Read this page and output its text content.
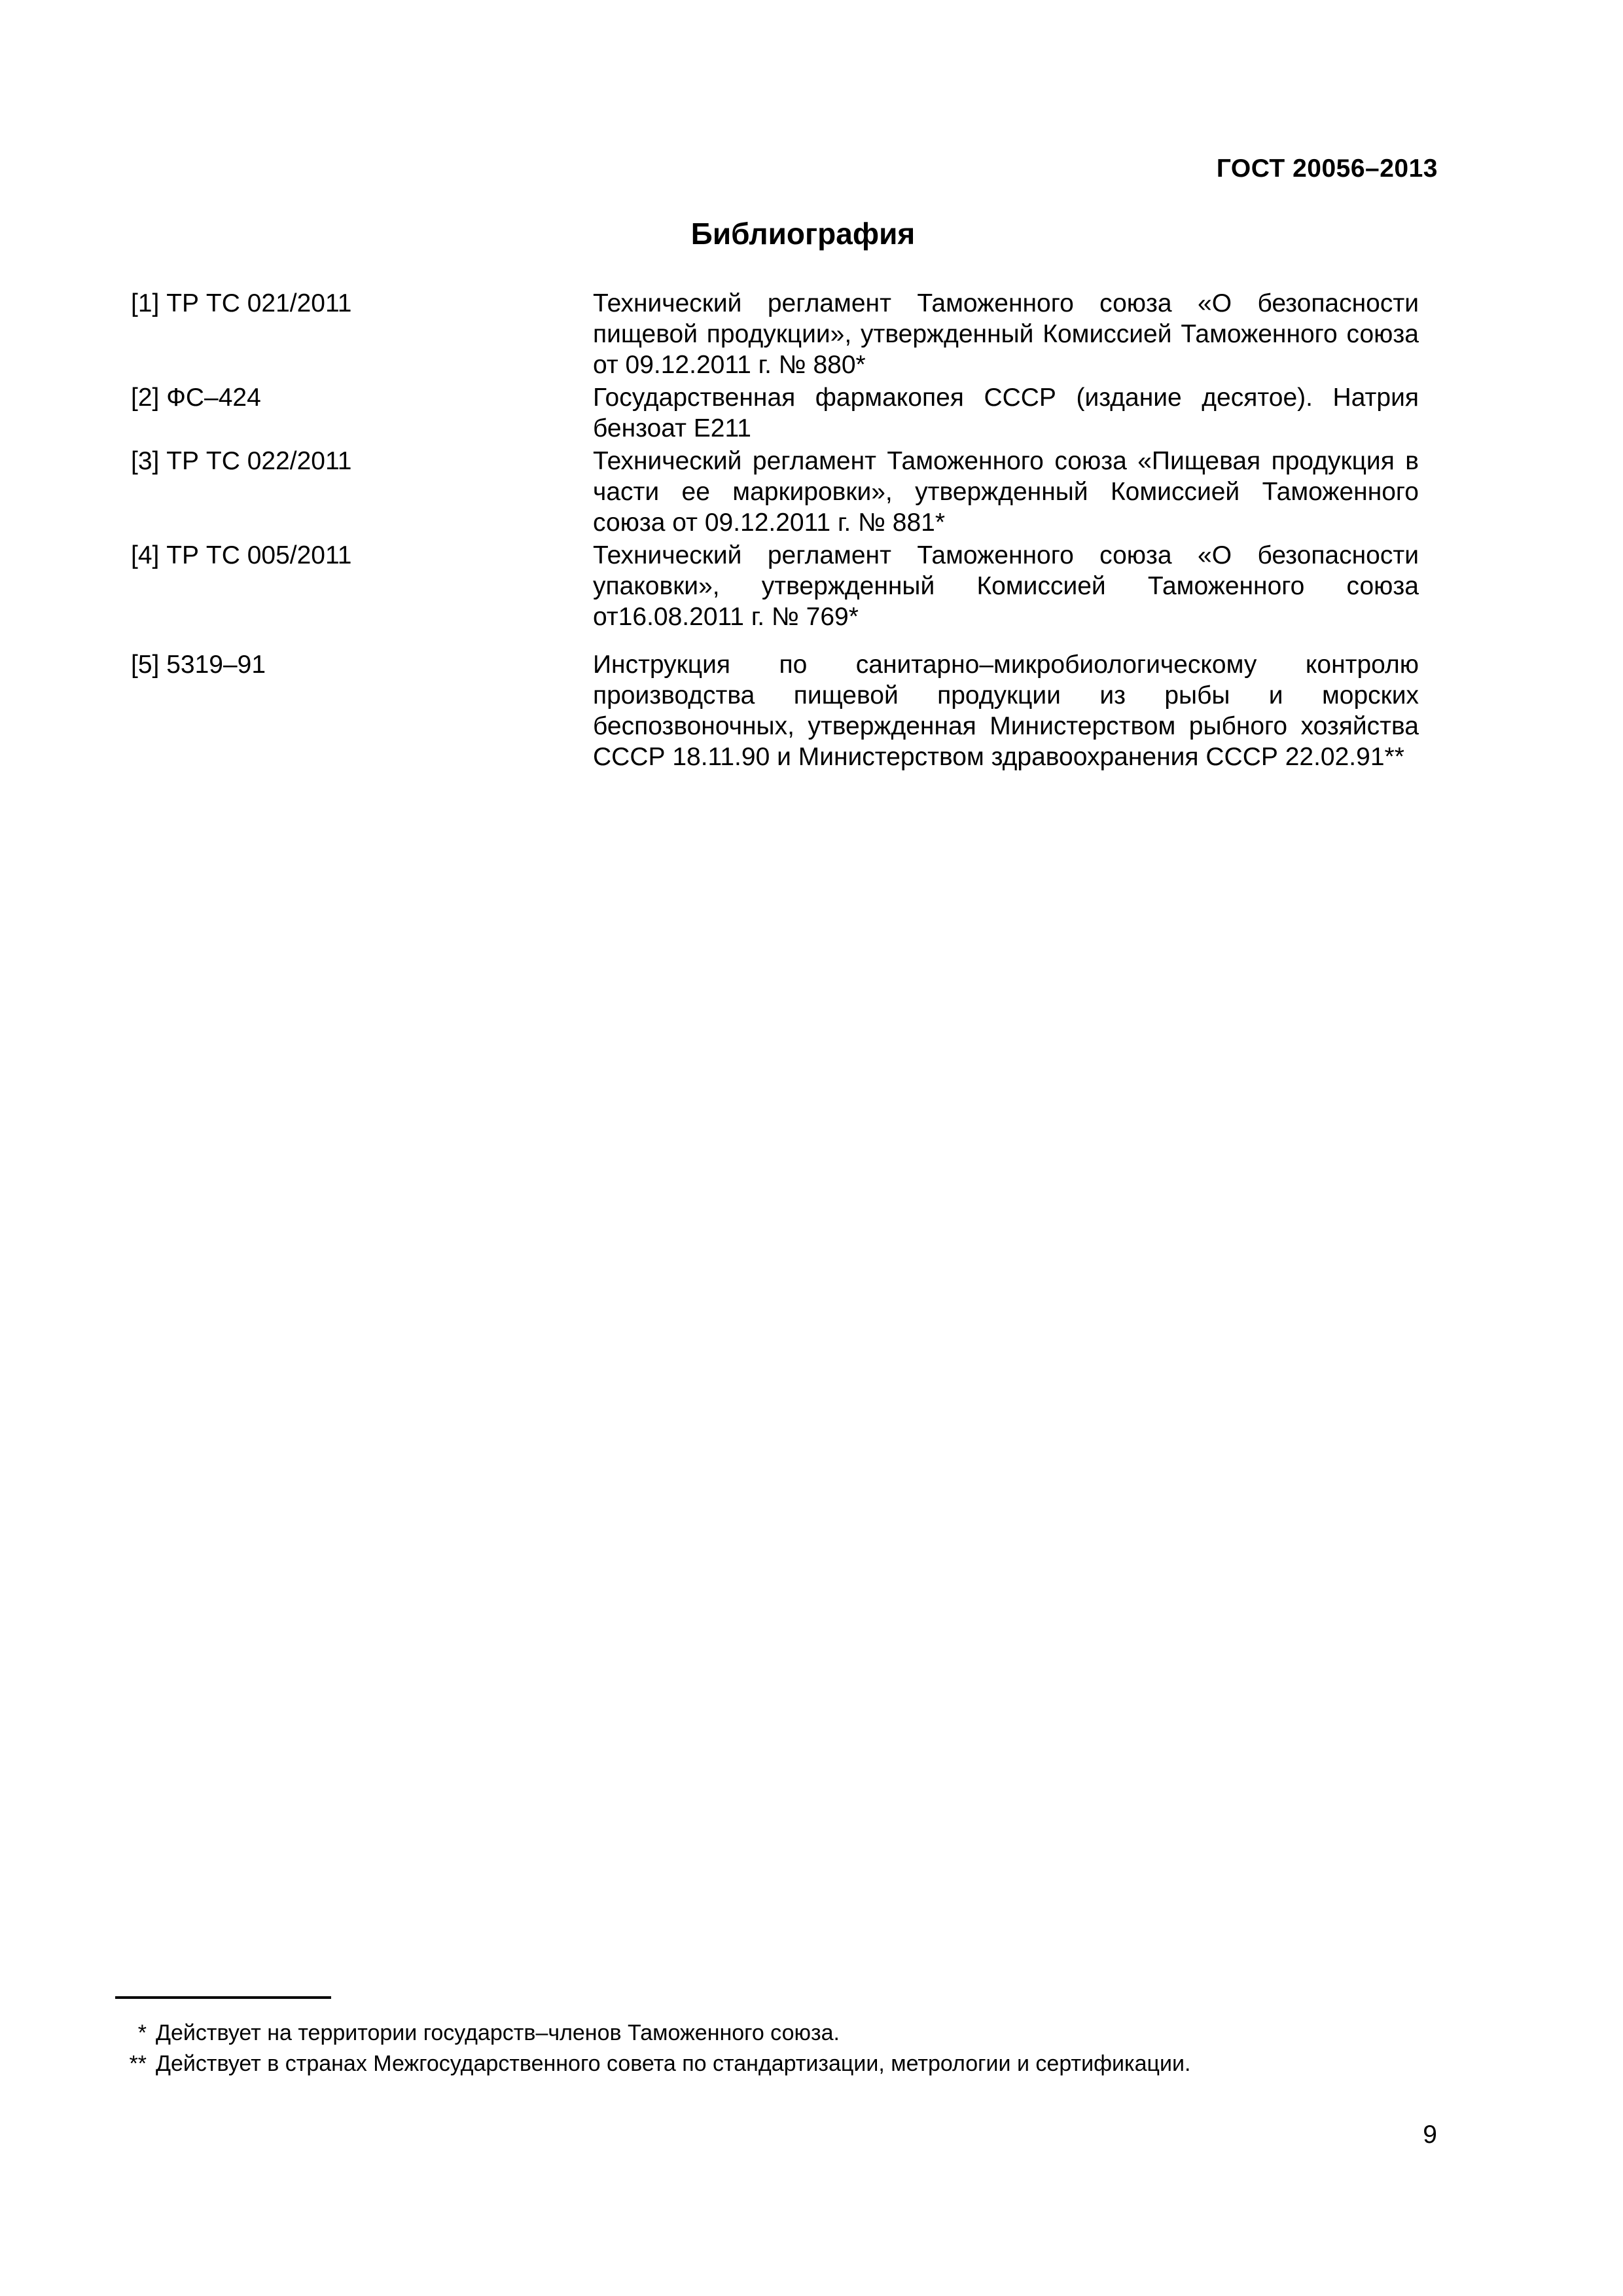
ГОСТ 20056–2013
Библиография
[1] ТР ТС 021/2011	Технический регламент Таможенного союза «О безопасности пищевой продукции», утвержденный Комиссией Таможенного союза от 09.12.2011 г. № 880*
[2] ФС–424	Государственная фармакопея СССР (издание десятое). Натрия бензоат Е211
[3] ТР ТС 022/2011	Технический регламент Таможенного союза «Пищевая продукция в части ее маркировки», утвержденный Комиссией Таможенного союза от 09.12.2011 г. № 881*
[4] ТР ТС 005/2011	Технический регламент Таможенного союза «О безопасности упаковки», утвержденный Комиссией Таможенного союза от16.08.2011 г. № 769*
[5] 5319–91	Инструкция по санитарно–микробиологическому контролю производства пищевой продукции из рыбы и морских беспозвоночных, утвержденная Министерством рыбного хозяйства СССР 18.11.90 и Министерством здравоохранения СССР 22.02.91**
* Действует на территории государств–членов Таможенного союза.
** Действует в странах Межгосударственного совета по стандартизации, метрологии и сертификации.
9
